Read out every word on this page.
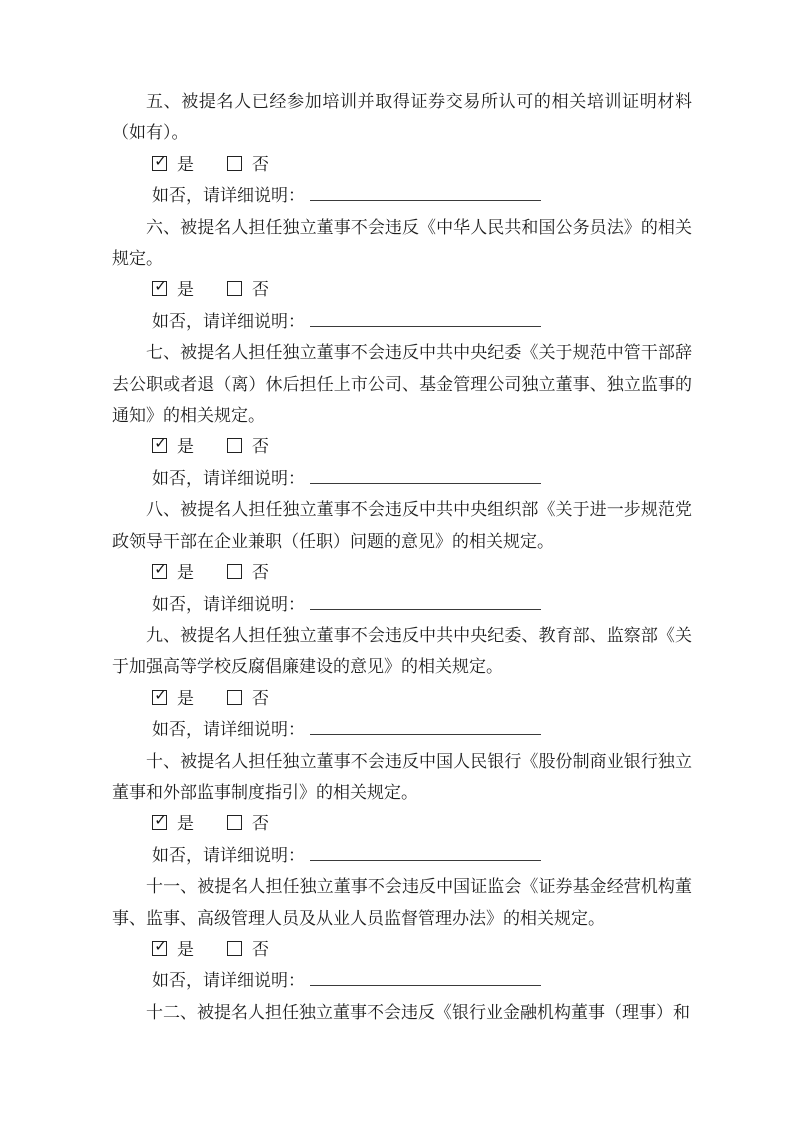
五、被提名人已经参加培训并取得证券交易所认可的相关培训证明材料（如有）。

✓ 是	否
如否，请详细说明：

六、被提名人担任独立董事不会违反《中华人民共和国公务员法》的相关规定。

✓ 是	否
如否，请详细说明：

七、被提名人担任独立董事不会违反中共中央纪委《关于规范中管干部辞去公职或者退（离）休后担任上市公司、基金管理公司独立董事、独立监事的通知》的相关规定。

✓ 是	否
如否，请详细说明：

八、被提名人担任独立董事不会违反中共中央组织部《关于进一步规范党政领导干部在企业兼职（任职）问题的意见》的相关规定。

✓ 是	否
如否，请详细说明：

九、被提名人担任独立董事不会违反中共中央纪委、教育部、监察部《关于加强高等学校反腐倡廉建设的意见》的相关规定。

✓ 是	否
如否，请详细说明：

十、被提名人担任独立董事不会违反中国人民银行《股份制商业银行独立董事和外部监事制度指引》的相关规定。

✓ 是	否
如否，请详细说明：

十一、被提名人担任独立董事不会违反中国证监会《证券基金经营机构董事、监事、高级管理人员及从业人员监督管理办法》的相关规定。

✓ 是	否
如否，请详细说明：

十二、被提名人担任独立董事不会违反《银行业金融机构董事（理事）和
